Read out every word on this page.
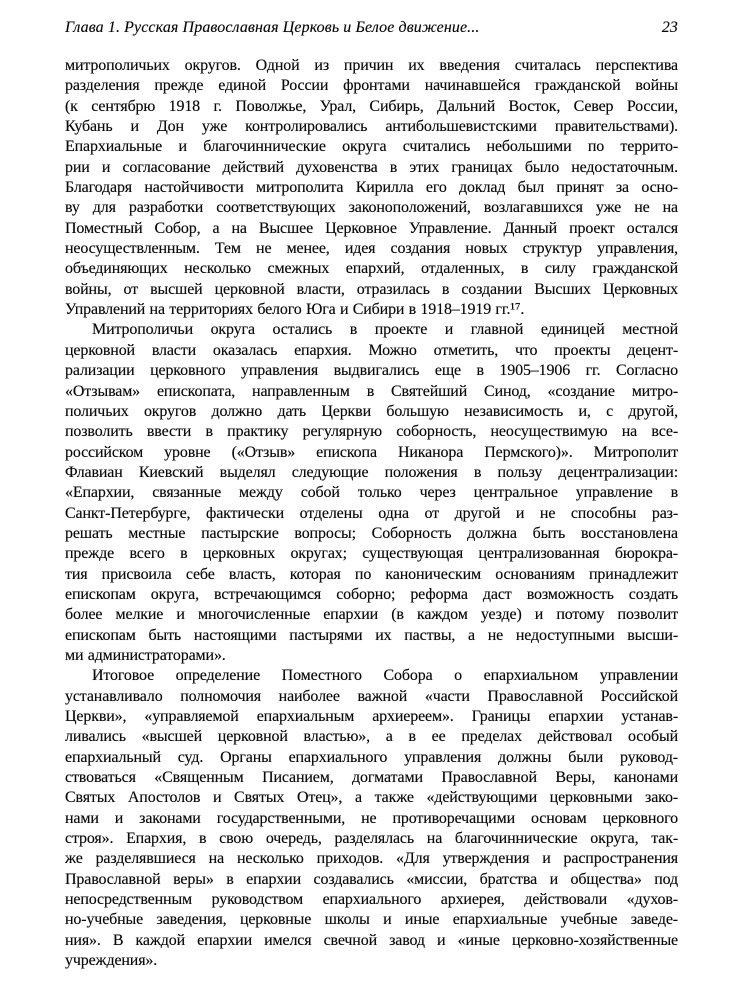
Глава 1. Русская Православная Церковь и Белое движение...	23
митрополичьих округов. Одной из причин их введения считалась перспектива
разделения прежде единой России фронтами начинавшейся гражданской войны
(к сентябрю 1918 г. Поволжье, Урал, Сибирь, Дальний Восток, Север России,
Кубань и Дон уже контролировались антибольшевистскими правительствами).
Епархиальные и благочиннические округа считались небольшими по террито-
рии и согласование действий духовенства в этих границах было недостаточным.
Благодаря настойчивости митрополита Кирилла его доклад был принят за осно-
ву для разработки соответствующих законоположений, возлагавшихся уже не на
Поместный Собор, а на Высшее Церковное Управление. Данный проект остался
неосуществленным. Тем не менее, идея создания новых структур управления,
объединяющих несколько смежных епархий, отдаленных, в силу гражданской
войны, от высшей церковной власти, отразилась в создании Высших Церковных
Управлений на территориях белого Юга и Сибири в 1918–1919 гг.¹⁷.
Митрополичьи округа остались в проекте и главной единицей местной
церковной власти оказалась епархия. Можно отметить, что проекты децент-
рализации церковного управления выдвигались еще в 1905–1906 гг. Согласно
«Отзывам» епископата, направленным в Святейший Синод, «создание митро-
поличьих округов должно дать Церкви большую независимость и, с другой,
позволить ввести в практику регулярную соборность, неосуществимую на все-
российском уровне («Отзыв» епископа Никанора Пермского)». Митрополит
Флавиан Киевский выделял следующие положения в пользу децентрализации:
«Епархии, связанные между собой только через центральное управление в
Санкт-Петербурге, фактически отделены одна от другой и не способны раз-
решать местные пастырские вопросы; Соборность должна быть восстановлена
прежде всего в церковных округах; существующая централизованная бюрокра-
тия присвоила себе власть, которая по каноническим основаниям принадлежит
епископам округа, встречающимся соборно; реформа даст возможность создать
более мелкие и многочисленные епархии (в каждом уезде) и потому позволит
епископам быть настоящими пастырями их паствы, а не недоступными высши-
ми администраторами».
Итоговое определение Поместного Собора о епархиальном управлении
устанавливало полномочия наиболее важной «части Православной Российской
Церкви», «управляемой епархиальным архиереем». Границы епархии устанав-
ливались «высшей церковной властью», а в ее пределах действовал особый
епархиальный суд. Органы епархиального управления должны были руковод-
ствоваться «Священным Писанием, догматами Православной Веры, канонами
Святых Апостолов и Святых Отец», а также «действующими церковными зако-
нами и законами государственными, не противоречащими основам церковного
строя». Епархия, в свою очередь, разделялась на благочиннические округа, так-
же разделявшиеся на несколько приходов. «Для утверждения и распространения
Православной веры» в епархии создавались «миссии, братства и общества» под
непосредственным руководством епархиального архиерея, действовали «духов-
но-учебные заведения, церковные школы и иные епархиальные учебные заведе-
ния». В каждой епархии имелся свечной завод и «иные церковно-хозяйственные
учреждения».
